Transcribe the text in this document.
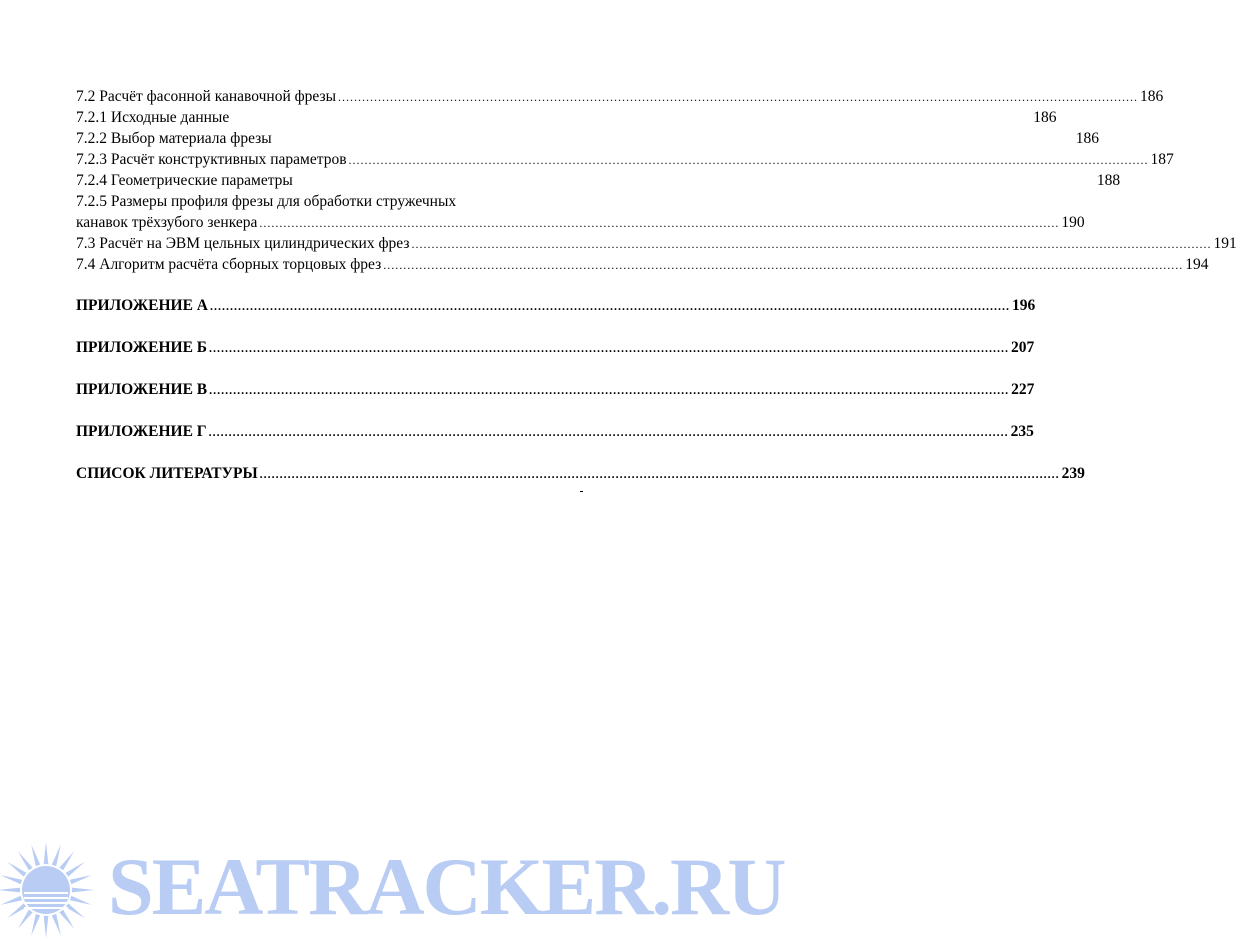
7.2 Расчёт фасонной канавочной фрезы ........................................................................................................................................................................................................ 186
7.2.1 Исходные данные	186
7.2.2 Выбор материала фрезы	186
7.2.3 Расчёт конструктивных параметров ........................................................................................................................................................................................................ 187
7.2.4 Геометрические параметры	188
7.2.5 Размеры профиля фрезы для обработки стружечных
канавок трёхзубого зенкера ........................................................................................................................................................................................................ 190
7.3 Расчёт на ЭВМ цельных цилиндрических фрез ........................................................................................................................................................................................................ 191
7.4 Алгоритм расчёта сборных торцовых фрез ........................................................................................................................................................................................................ 194
ПРИЛОЖЕНИЕ А ........................................................................................................................................................................................................ 196
ПРИЛОЖЕНИЕ Б ........................................................................................................................................................................................................ 207
ПРИЛОЖЕНИЕ В ........................................................................................................................................................................................................ 227
ПРИЛОЖЕНИЕ Г ........................................................................................................................................................................................................ 235
СПИСОК ЛИТЕРАТУРЫ ........................................................................................................................................................................................................ 239
SEATRACKER.RU
